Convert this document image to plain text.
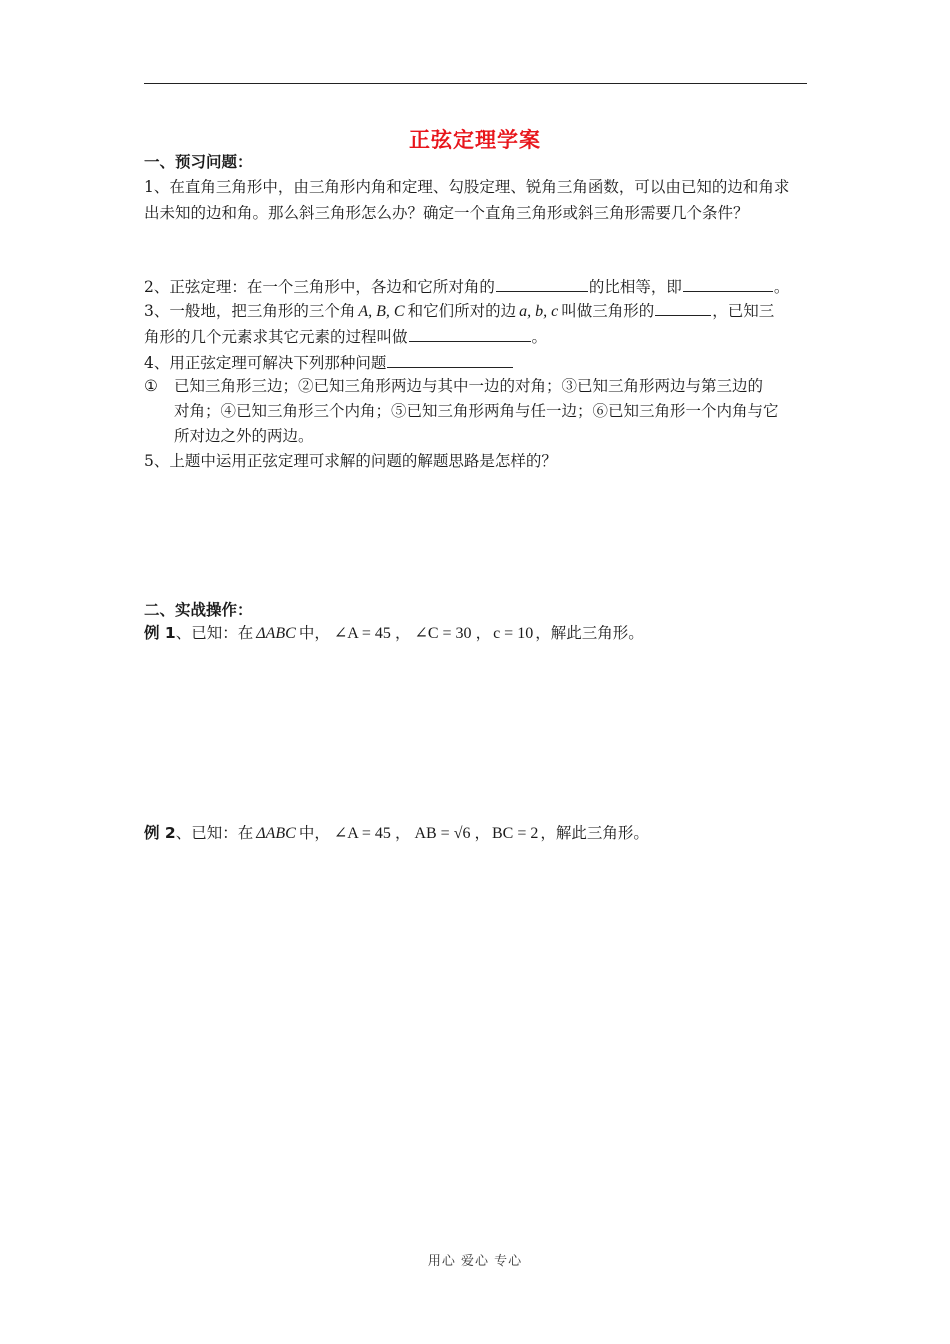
正弦定理学案
一、预习问题：
1、在直角三角形中，由三角形内角和定理、勾股定理、锐角三角函数，可以由已知的边和角求
出未知的边和角。那么斜三角形怎么办？确定一个直角三角形或斜三角形需要几个条件？
2、正弦定理：在一个三角形中，各边和它所对角的	的比相等，即	。
3、一般地，把三角形的三个角 A, B, C 和它们所对的边 a, b, c 叫做三角形的	，已知三
角形的几个元素求其它元素的过程叫做	。
4、用正弦定理可解决下列那种问题
① 已知三角形三边；②已知三角形两边与其中一边的对角；③已知三角形两边与第三边的
对角；④已知三角形三个内角；⑤已知三角形两角与任一边；⑥已知三角形一个内角与它
所对边之外的两边。
5、上题中运用正弦定理可求解的问题的解题思路是怎样的？
二、实战操作：
例 1、已知：在 ΔABC 中， ∠A = 45 ， ∠C = 30 ， c = 10 ，解此三角形。
例 2、已知：在 ΔABC 中， ∠A = 45 ， AB = √6 ， BC = 2 ，解此三角形。
用心 爱心 专心
